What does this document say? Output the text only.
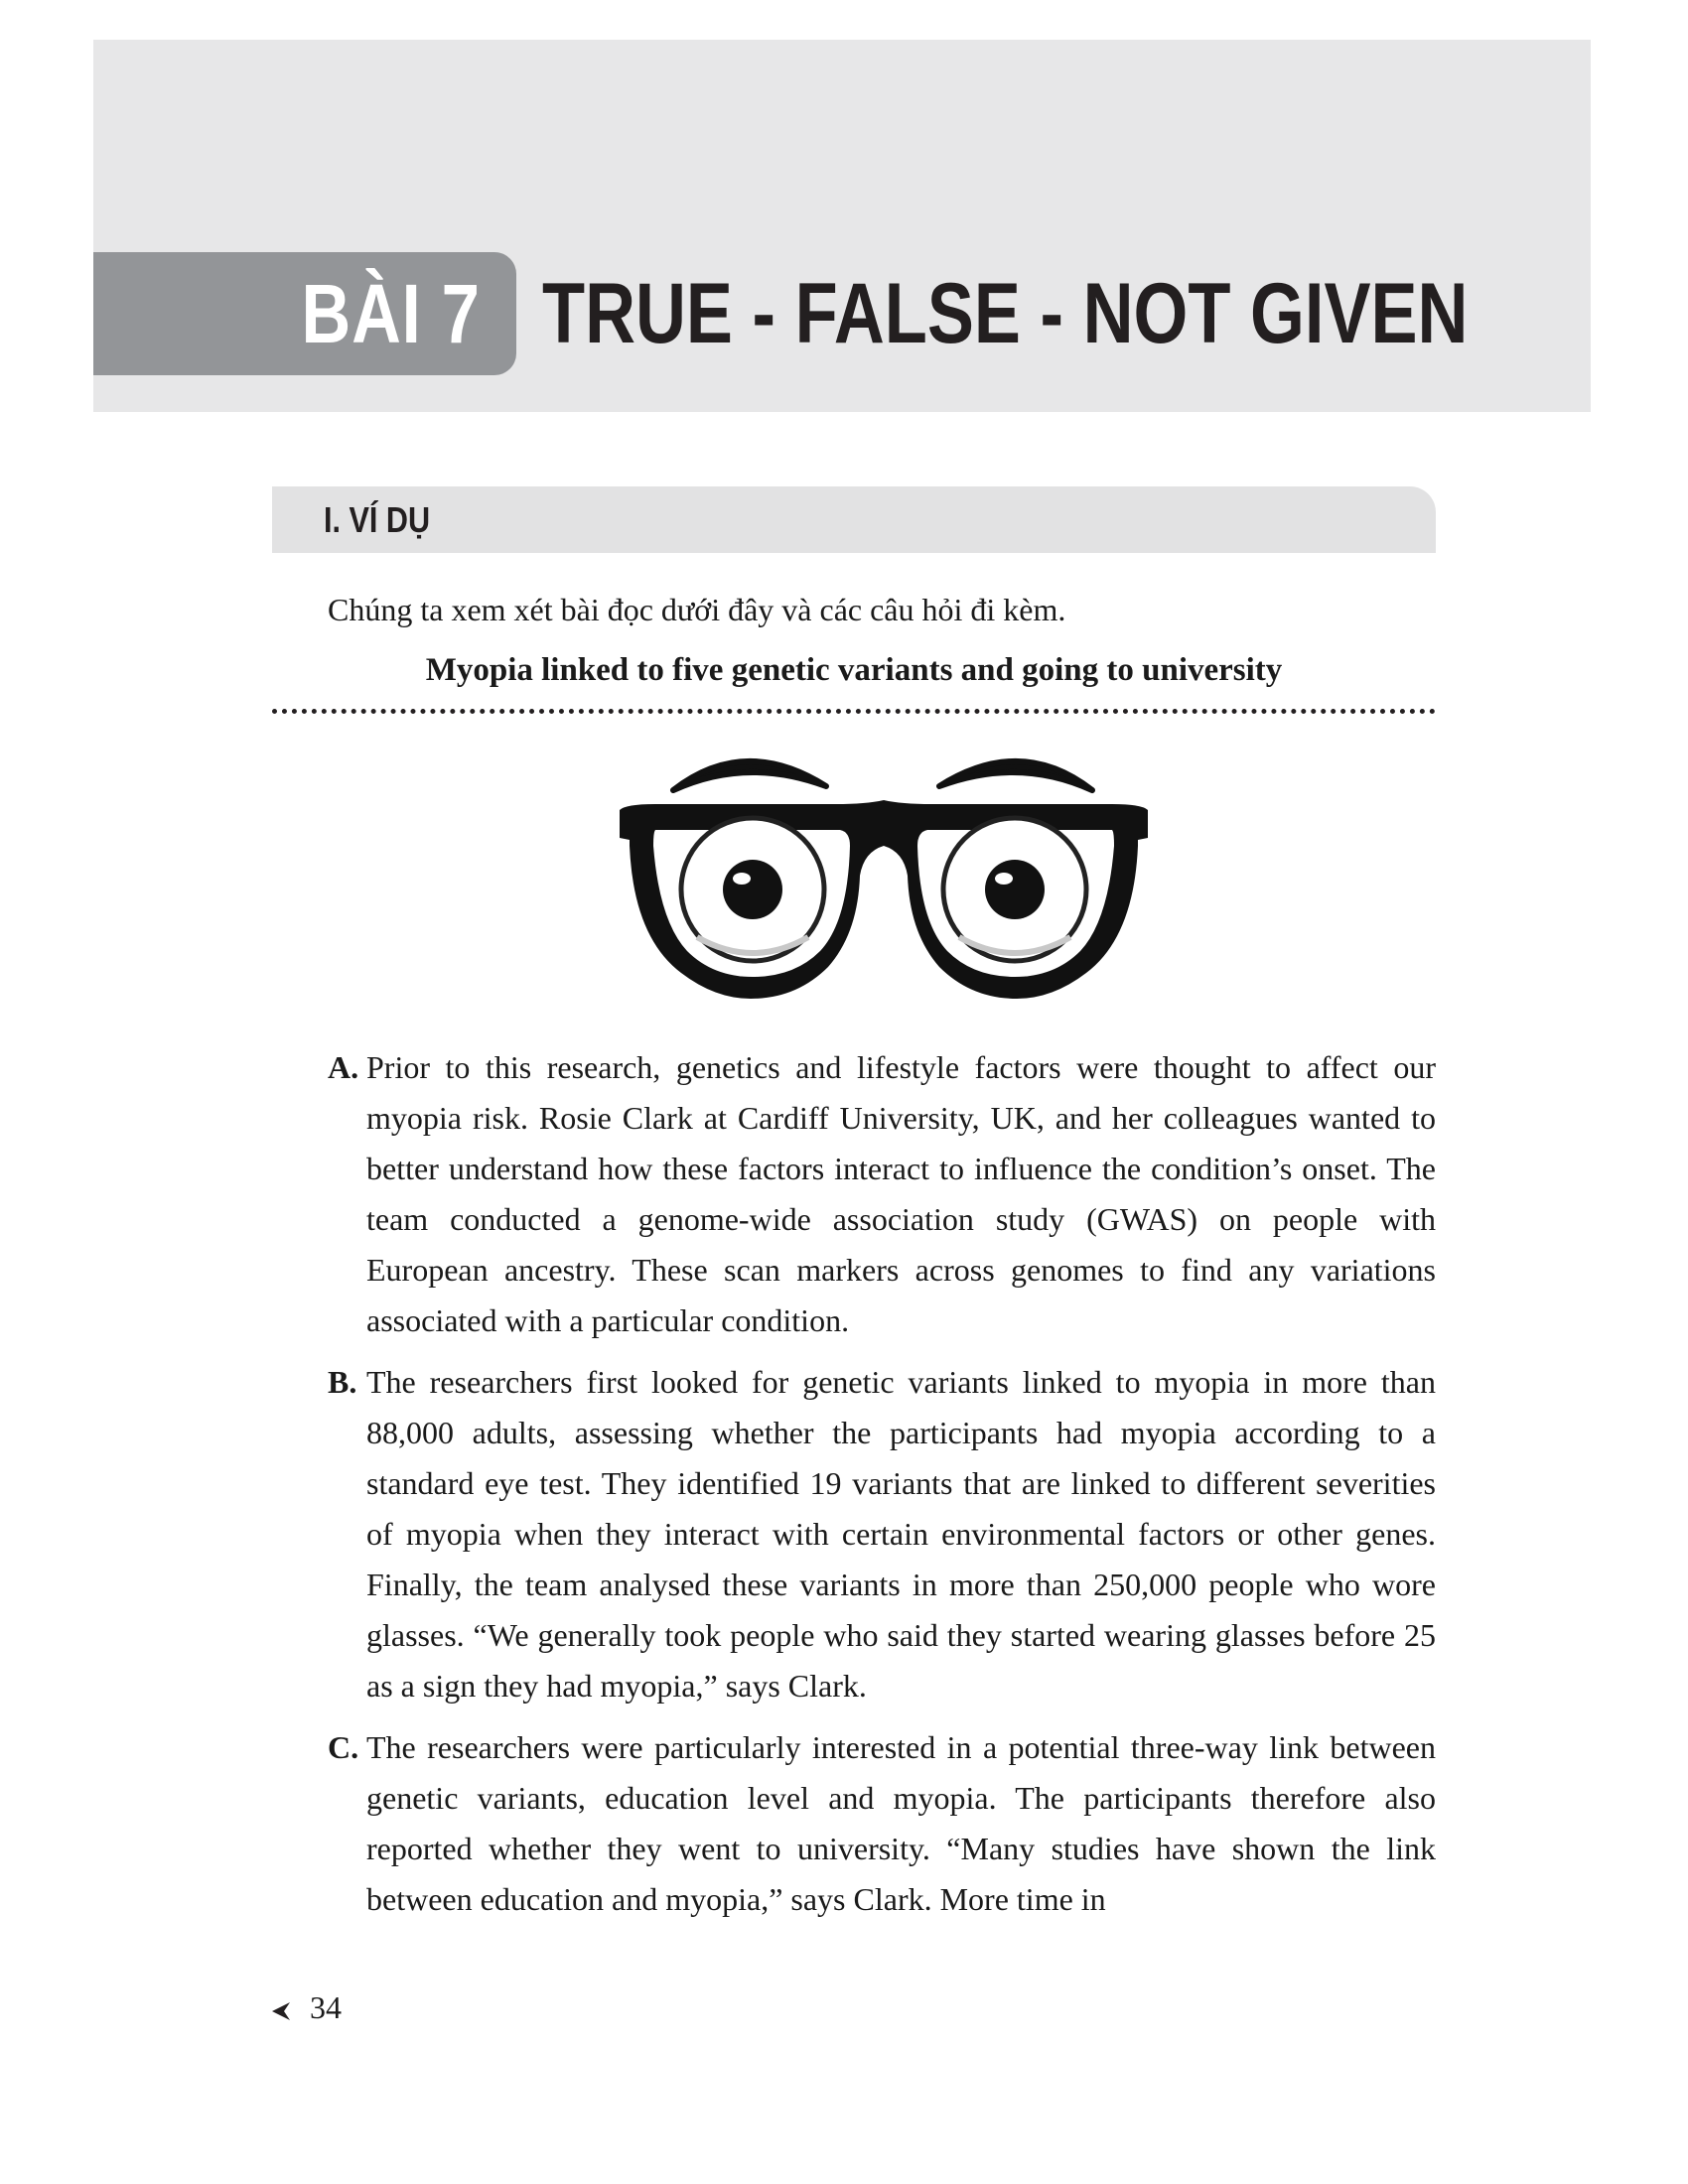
BÀI 7 TRUE - FALSE - NOT GIVEN
I. VÍ DỤ
Chúng ta xem xét bài đọc dưới đây và các câu hỏi đi kèm.
Myopia linked to five genetic variants and going to university
A. Prior to this research, genetics and lifestyle factors were thought to affect our myopia risk. Rosie Clark at Cardiff University, UK, and her colleagues wanted to better understand how these factors interact to influence the condition’s onset. The team conducted a genome-wide association study (GWAS) on people with European ancestry. These scan markers across genomes to find any variations associated with a particular condition.
B. The researchers first looked for genetic variants linked to myopia in more than 88,000 adults, assessing whether the participants had myopia according to a standard eye test. They identified 19 variants that are linked to different severities of myopia when they interact with certain environmental factors or other genes. Finally, the team analysed these variants in more than 250,000 people who wore glasses. “We generally took people who said they started wearing glasses before 25 as a sign they had myopia,” says Clark.
C. The researchers were particularly interested in a potential three-way link between genetic variants, education level and myopia. The participants therefore also reported whether they went to university. “Many studies have shown the link between education and myopia,” says Clark. More time in
34
